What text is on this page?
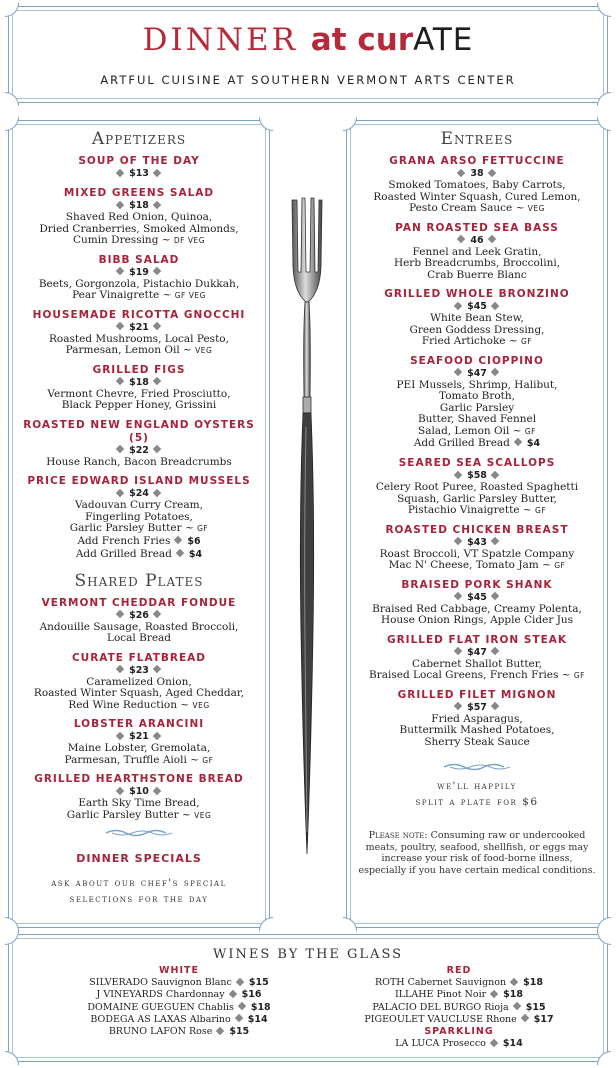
DINNER at curATE
ARTFUL CUISINE AT SOUTHERN VERMONT ARTS CENTER
Appetizers
SOUP OF THE DAY
$13
MIXED GREENS SALAD
$18
Shaved Red Onion, Quinoa,
Dried Cranberries, Smoked Almonds,
Cumin Dressing ~ DF VEG
BIBB SALAD
$19
Beets, Gorgonzola, Pistachio Dukkah,
Pear Vinaigrette ~ GF VEG
HOUSEMADE RICOTTA GNOCCHI
$21
Roasted Mushrooms, Local Pesto,
Parmesan, Lemon Oil ~ VEG
GRILLED FIGS
$18
Vermont Chevre, Fried Prosciutto,
Black Pepper Honey, Grissini
ROASTED NEW ENGLAND OYSTERS (5)
$22
House Ranch, Bacon Breadcrumbs
PRICE EDWARD ISLAND MUSSELS
$24
Vadouvan Curry Cream,
Fingerling Potatoes,
Garlic Parsley Butter ~ GF
Add French Fries $6
Add Grilled Bread $4
Shared Plates
VERMONT CHEDDAR FONDUE
$26
Andouille Sausage, Roasted Broccoli,
Local Bread
CURATE FLATBREAD
$23
Caramelized Onion,
Roasted Winter Squash, Aged Cheddar,
Red Wine Reduction ~ VEG
LOBSTER ARANCINI
$21
Maine Lobster, Gremolata,
Parmesan, Truffle Aioli ~ GF
GRILLED HEARTHSTONE BREAD
$10
Earth Sky Time Bread,
Garlic Parsley Butter ~ VEG
DINNER SPECIALS
ask about our chef's special
selections for the day
Entrees
GRANA ARSO FETTUCCINE
38
Smoked Tomatoes, Baby Carrots,
Roasted Winter Squash, Cured Lemon,
Pesto Cream Sauce ~ VEG
PAN ROASTED SEA BASS
46
Fennel and Leek Gratin,
Herb Breadcrumbs, Broccolini,
Crab Buerre Blanc
GRILLED WHOLE BRONZINO
$45
White Bean Stew,
Green Goddess Dressing,
Fried Artichoke ~ GF
SEAFOOD CIOPPINO
$47
PEI Mussels, Shrimp, Halibut,
Tomato Broth,
Garlic Parsley
Butter, Shaved Fennel
Salad, Lemon Oil ~ GF
Add Grilled Bread $4
SEARED SEA SCALLOPS
$58
Celery Root Puree, Roasted Spaghetti
Squash, Garlic Parsley Butter,
Pistachio Vinaigrette ~ GF
ROASTED CHICKEN BREAST
$43
Roast Broccoli, VT Spatzle Company
Mac N' Cheese, Tomato Jam ~ GF
BRAISED PORK SHANK
$45
Braised Red Cabbage, Creamy Polenta,
House Onion Rings, Apple Cider Jus
GRILLED FLAT IRON STEAK
$47
Cabernet Shallot Butter,
Braised Local Greens, French Fries ~ GF
GRILLED FILET MIGNON
$57
Fried Asparagus,
Buttermilk Mashed Potatoes,
Sherry Steak Sauce
we'll happily
split a plate for $6
Please note: Consuming raw or undercooked meats, poultry, seafood, shellfish, or eggs may increase your risk of food-borne illness, especially if you have certain medical conditions.
WINES BY THE GLASS
WHITE
SILVERADO Sauvignon Blanc $15
J VINEYARDS Chardonnay $16
DOMAINE GUEGUEN Chablis $18
BODEGA AS LAXAS Albarino $14
BRUNO LAFON Rose $15
RED
ROTH Cabernet Sauvignon $18
ILLAHE Pinot Noir $18
PALACIO DEL BURGO Rioja $15
PIGEOULET VAUCLUSE Rhone $17
SPARKLING
LA LUCA Prosecco $14
